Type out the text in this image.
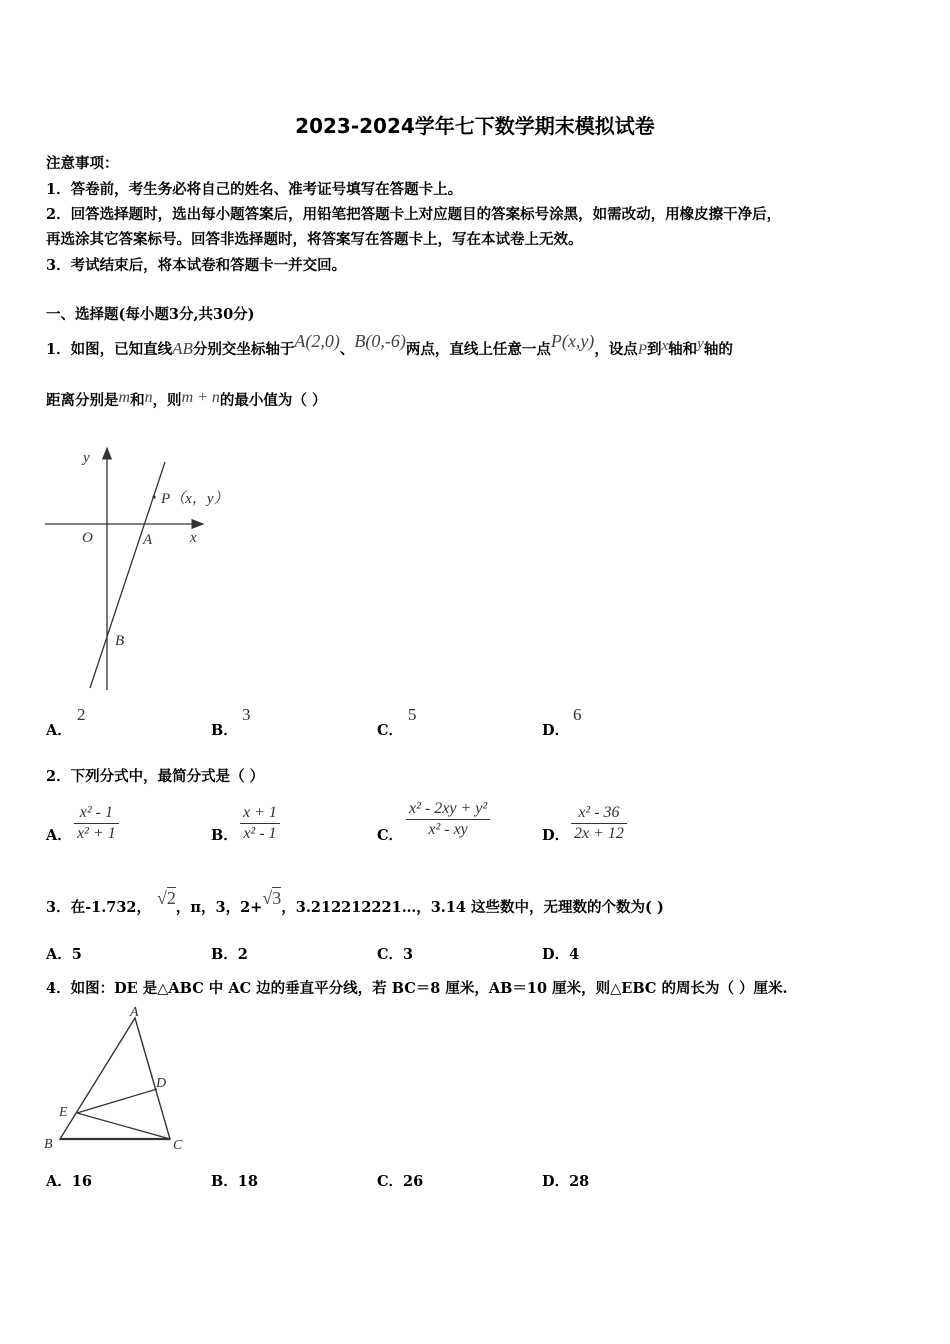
2023-2024学年七下数学期末模拟试卷
注意事项：
1．答卷前，考生务必将自己的姓名、准考证号填写在答题卡上。
2．回答选择题时，选出每小题答案后，用铅笔把答题卡上对应题目的答案标号涂黑，如需改动，用橡皮擦干净后，
再选涂其它答案标号。回答非选择题时，将答案写在答题卡上，写在本试卷上无效。
3．考试结束后，将本试卷和答题卡一并交回。
一、选择题(每小题3分,共30分)
1．如图，已知直线AB分别交坐标轴于A(2,0)、B(0,-6)两点，直线上任意一点P(x,y)，设点P到x轴和y轴的
距离分别是m和n，则m + n的最小值为（ ）
y
x
O	A
B
P（x，y）
A．
2
B．
3
C．
5
D．
6
2．下列分式中，最简分式是（ ）
A．
x² - 1
x² + 1	B．
x + 1
x² - 1	C．
x² - 2xy + y²
x² - xy	D．
x² - 36
2x + 12
3．在-1.732， √2，π，3，2+√3，3.212212221…，3.14 这些数中，无理数的个数为( )
A．5	B．2	C．3	D．4
4．如图：DE 是△ABC 中 AC 边的垂直平分线，若 BC＝8 厘米，AB＝10 厘米，则△EBC 的周长为（ ）厘米.
A
B	C
D
E
A．16	B．18	C．26	D．28
